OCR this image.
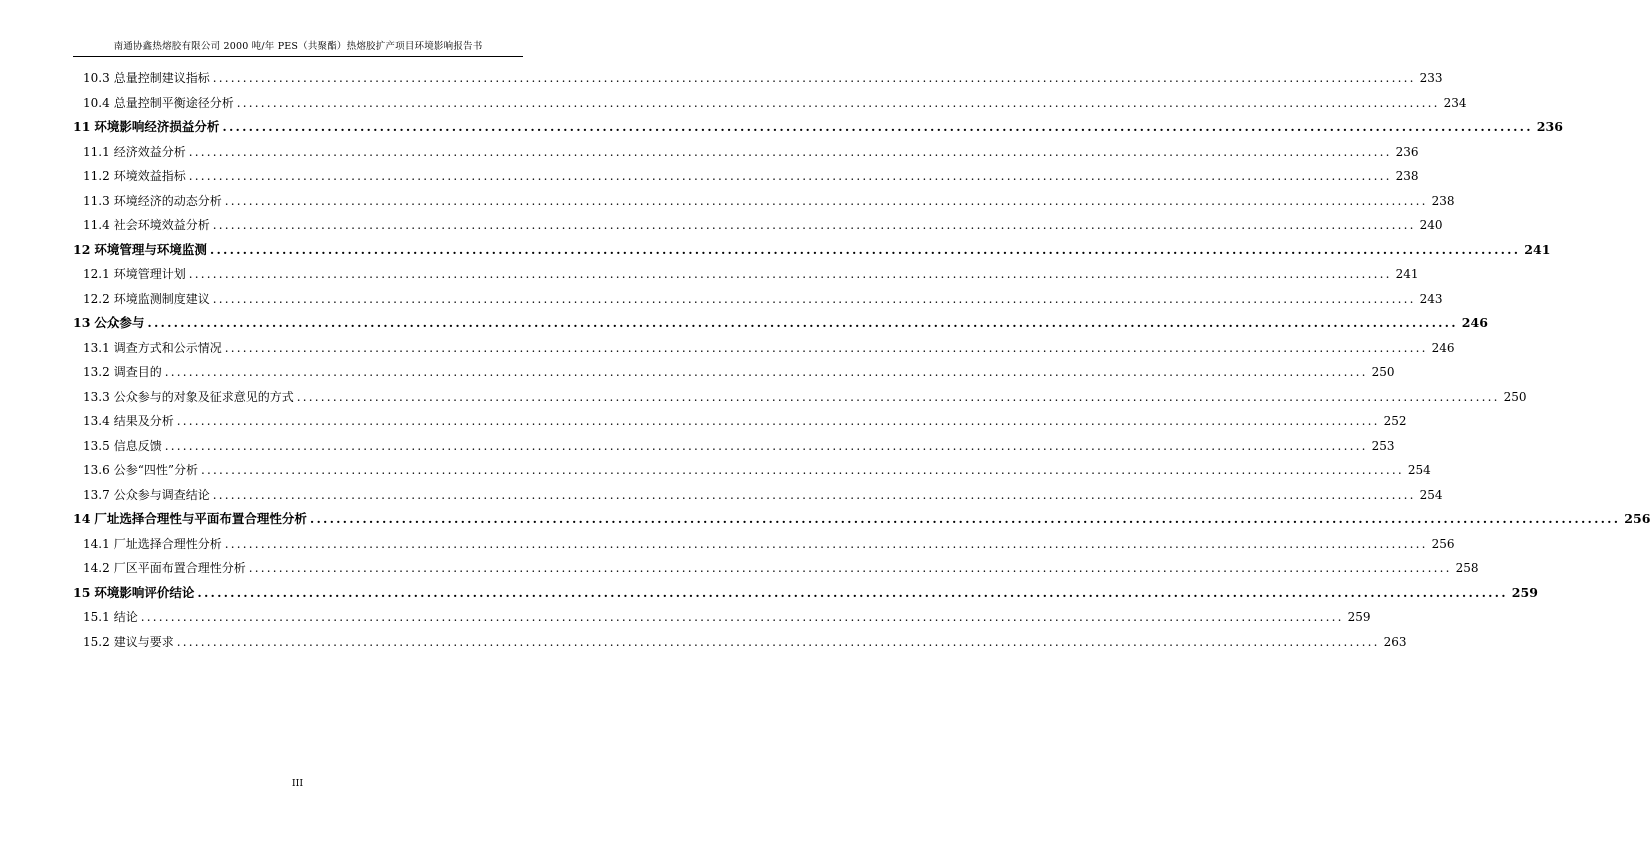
南通协鑫热熔胶有限公司 2000 吨/年 PES（共聚酯）热熔胶扩产项目环境影响报告书
10.3 总量控制建议指标 ........................................................................................................................................................................................................ 233
10.4 总量控制平衡途径分析 ........................................................................................................................................................................................................ 234
11 环境影响经济损益分析 ........................................................................................................................................................................................................ 236
11.1 经济效益分析 ........................................................................................................................................................................................................ 236
11.2 环境效益指标 ........................................................................................................................................................................................................ 238
11.3 环境经济的动态分析 ........................................................................................................................................................................................................ 238
11.4 社会环境效益分析 ........................................................................................................................................................................................................ 240
12 环境管理与环境监测 ........................................................................................................................................................................................................ 241
12.1 环境管理计划 ........................................................................................................................................................................................................ 241
12.2 环境监测制度建议 ........................................................................................................................................................................................................ 243
13 公众参与 ........................................................................................................................................................................................................ 246
13.1 调查方式和公示情况 ........................................................................................................................................................................................................ 246
13.2 调查目的 ........................................................................................................................................................................................................ 250
13.3 公众参与的对象及征求意见的方式 ........................................................................................................................................................................................................ 250
13.4 结果及分析 ........................................................................................................................................................................................................ 252
13.5 信息反馈 ........................................................................................................................................................................................................ 253
13.6 公参“四性”分析 ........................................................................................................................................................................................................ 254
13.7 公众参与调查结论 ........................................................................................................................................................................................................ 254
14 厂址选择合理性与平面布置合理性分析 ........................................................................................................................................................................................................ 256
14.1 厂址选择合理性分析 ........................................................................................................................................................................................................ 256
14.2 厂区平面布置合理性分析 ........................................................................................................................................................................................................ 258
15 环境影响评价结论 ........................................................................................................................................................................................................ 259
15.1 结论 ........................................................................................................................................................................................................ 259
15.2 建议与要求 ........................................................................................................................................................................................................ 263
III
